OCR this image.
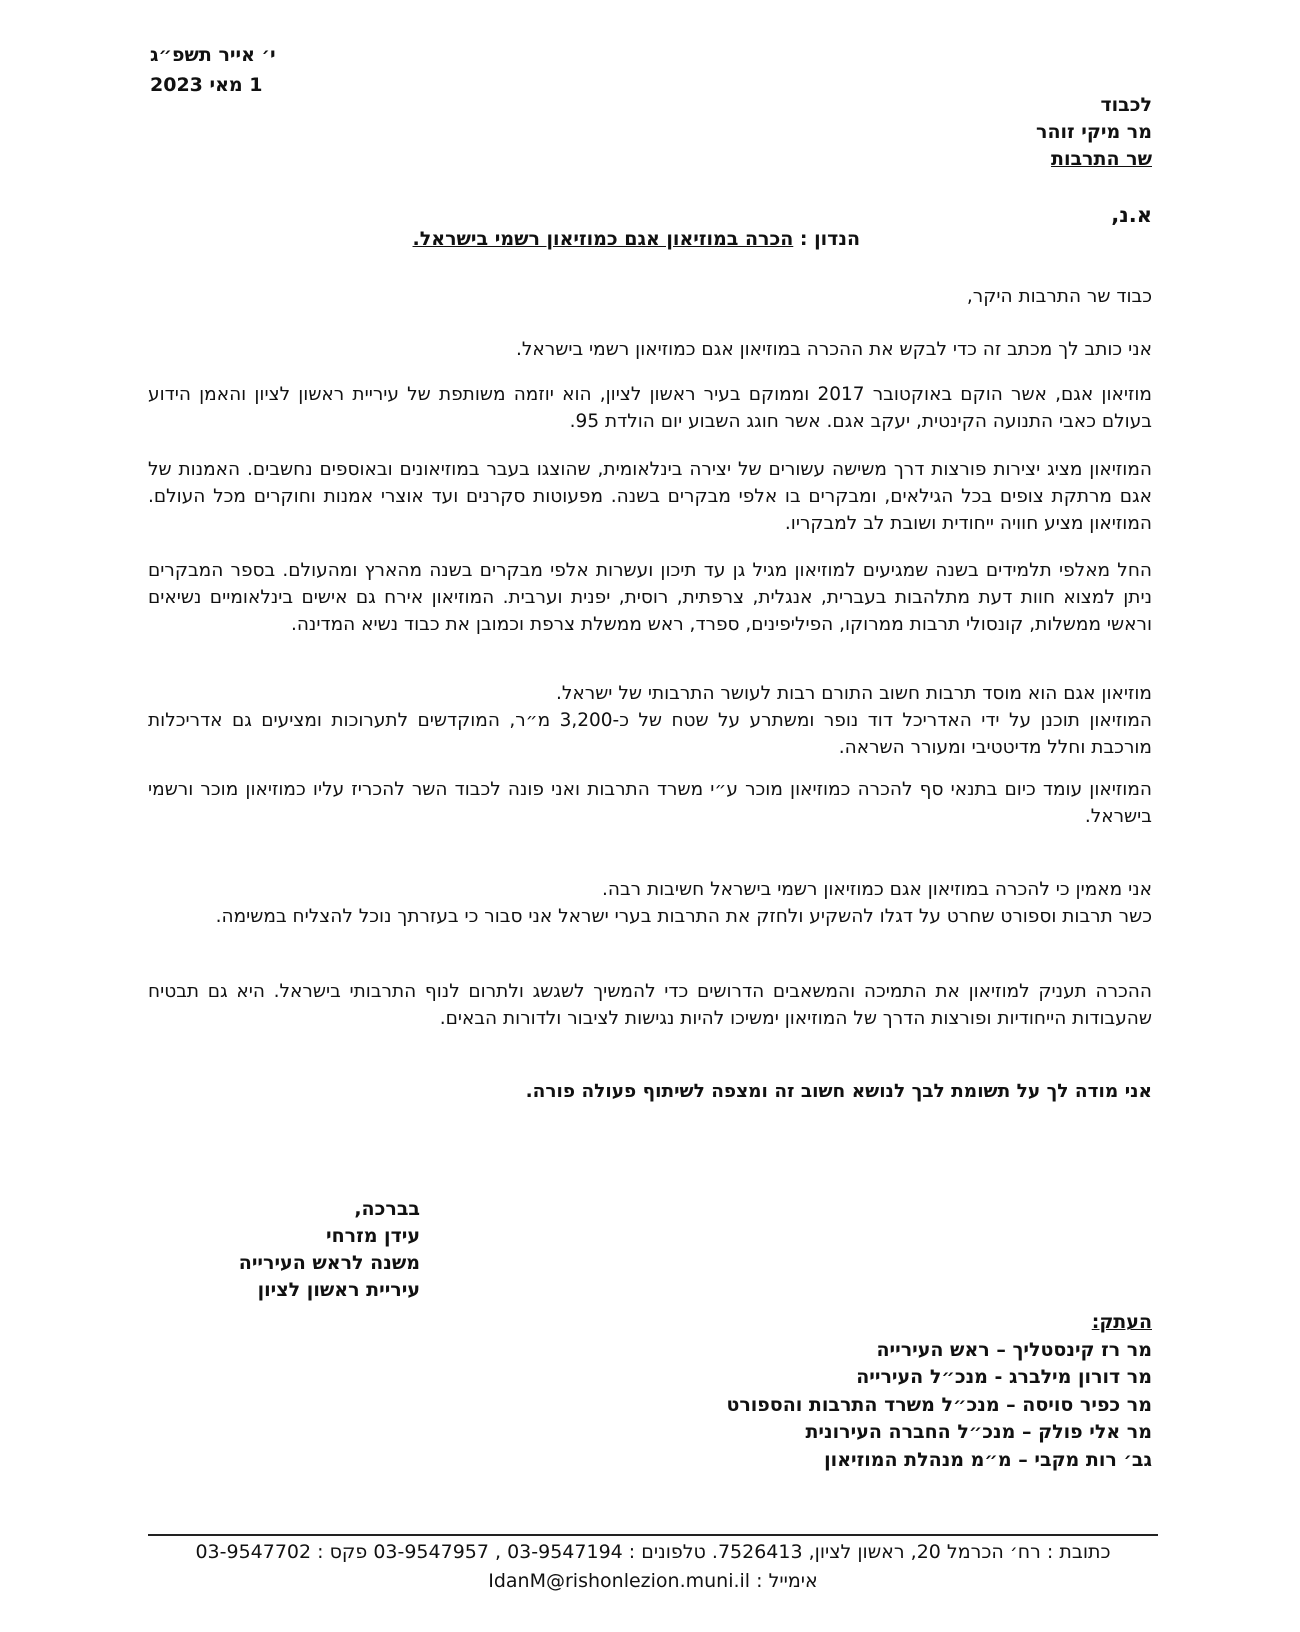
י׳ אייר תשפ״ג
1 מאי 2023
לכבוד
מר מיקי זוהר
שר התרבות
א.נ,
הנדון : הכרה במוזיאון אגם כמוזיאון רשמי בישראל.

כבוד שר התרבות היקר,

אני כותב לך מכתב זה כדי לבקש את ההכרה במוזיאון אגם כמוזיאון רשמי בישראל.

מוזיאון אגם, אשר הוקם באוקטובר 2017 וממוקם בעיר ראשון לציון, הוא יוזמה משותפת של עיריית ראשון לציון והאמן הידוע בעולם כאבי התנועה הקינטית, יעקב אגם. אשר חוגג השבוע יום הולדת 95.

המוזיאון מציג יצירות פורצות דרך משישה עשורים של יצירה בינלאומית, שהוצגו בעבר במוזיאונים ובאוספים נחשבים. האמנות של אגם מרתקת צופים בכל הגילאים, ומבקרים בו אלפי מבקרים בשנה. מפעוטות סקרנים ועד אוצרי אמנות וחוקרים מכל העולם. המוזיאון מציע חוויה ייחודית ושובת לב למבקריו.

החל מאלפי תלמידים בשנה שמגיעים למוזיאון מגיל גן עד תיכון ועשרות אלפי מבקרים בשנה מהארץ ומהעולם. בספר המבקרים ניתן למצוא חוות דעת מתלהבות בעברית, אנגלית, צרפתית, רוסית, יפנית וערבית. המוזיאון אירח גם אישים בינלאומיים נשיאים וראשי ממשלות, קונסולי תרבות ממרוקו, הפיליפינים, ספרד, ראש ממשלת צרפת וכמובן את כבוד נשיא המדינה.

מוזיאון אגם הוא מוסד תרבות חשוב התורם רבות לעושר התרבותי של ישראל.

המוזיאון תוכנן על ידי האדריכל דוד נופר ומשתרע על שטח של כ-3,200 מ״ר, המוקדשים לתערוכות ומציעים גם אדריכלות מורכבת וחלל מדיטטיבי ומעורר השראה.

המוזיאון עומד כיום בתנאי סף להכרה כמוזיאון מוכר ע״י משרד התרבות ואני פונה לכבוד השר להכריז עליו כמוזיאון מוכר ורשמי בישראל.

אני מאמין כי להכרה במוזיאון אגם כמוזיאון רשמי בישראל חשיבות רבה.

כשר תרבות וספורט שחרט על דגלו להשקיע ולחזק את התרבות בערי ישראל אני סבור כי בעזרתך נוכל להצליח במשימה.

ההכרה תעניק למוזיאון את התמיכה והמשאבים הדרושים כדי להמשיך לשגשג ולתרום לנוף התרבותי בישראל. היא גם תבטיח שהעבודות הייחודיות ופורצות הדרך של המוזיאון ימשיכו להיות נגישות לציבור ולדורות הבאים.

אני מודה לך על תשומת לבך לנושא חשוב זה ומצפה לשיתוף פעולה פורה.

בברכה,
עידן מזרחי
משנה לראש העירייה
עיריית ראשון לציון
העתק:
מר רז קינסטליך – ראש העירייה
מר דורון מילברג - מנכ״ל העירייה
מר כפיר סויסה – מנכ״ל משרד התרבות והספורט
מר אלי פולק – מנכ״ל החברה העירונית
גב׳ רות מקבי – מ״מ מנהלת המוזיאון
כתובת : רח׳ הכרמל 20, ראשון לציון, 7526413. טלפונים : 03-9547194 , 03-9547957 פקס : 03-9547702
אימייל : IdanM@rishonlezion.muni.il
